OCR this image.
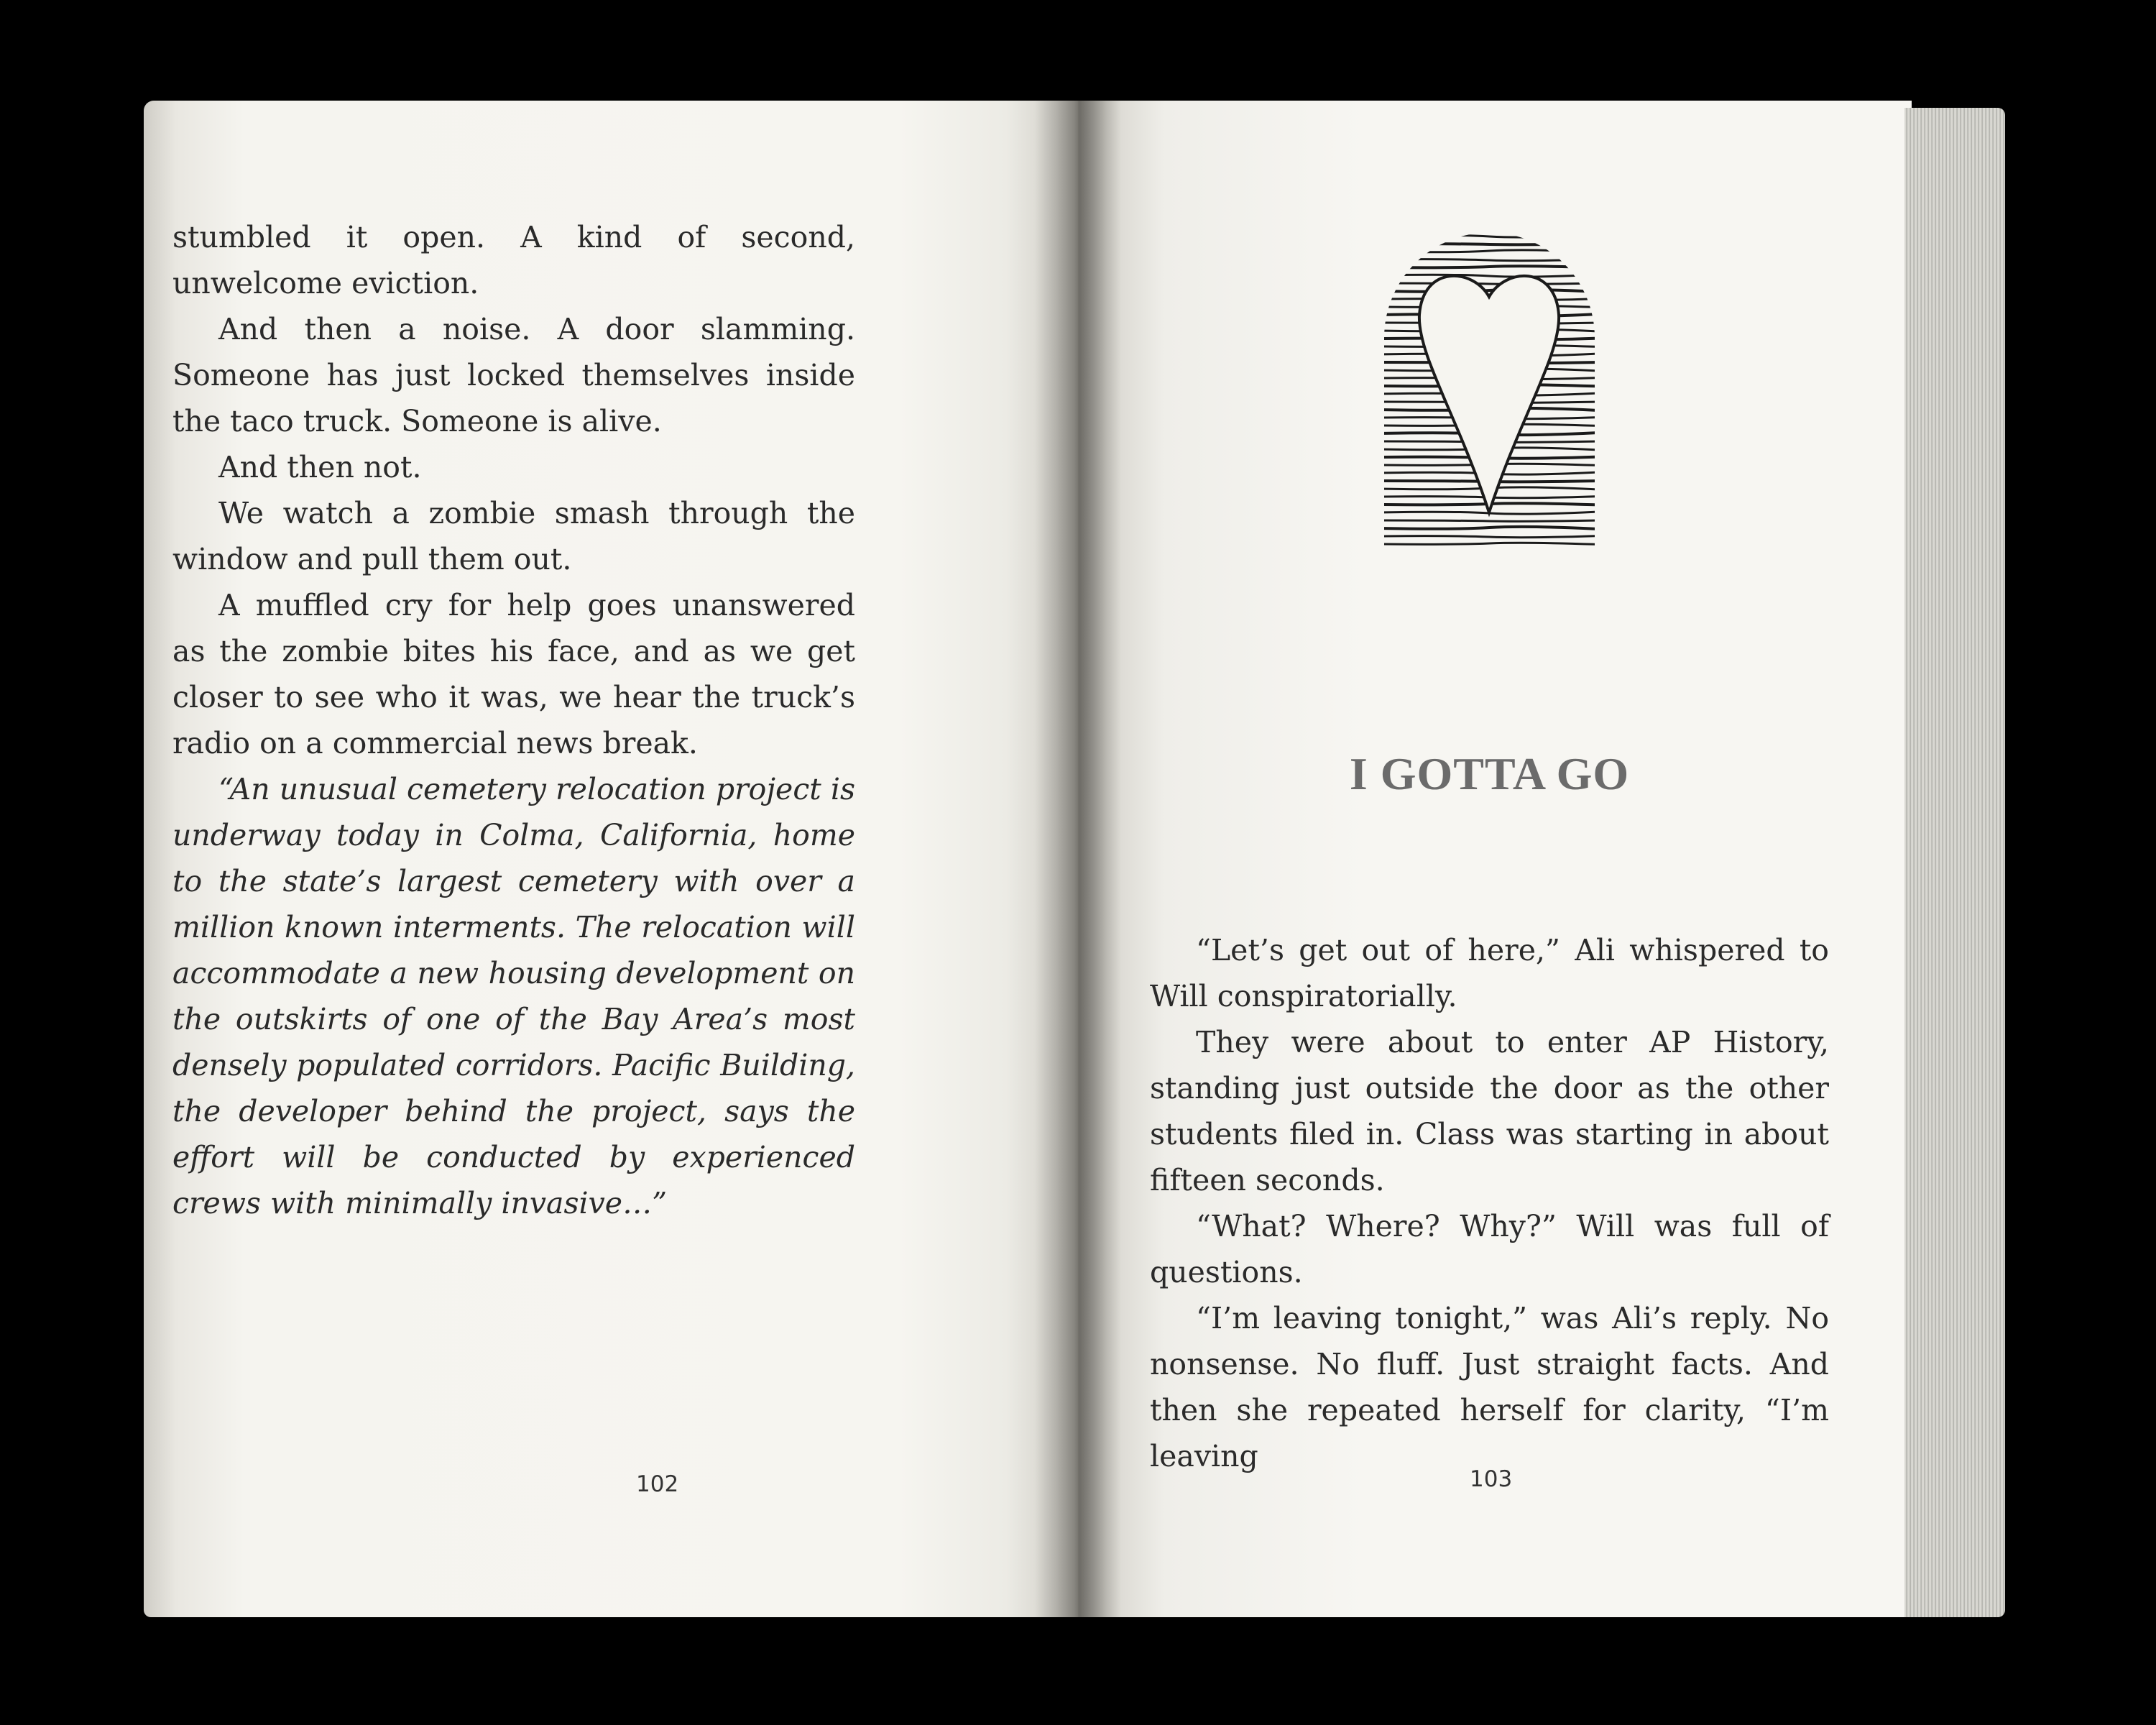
stumbled it open. A kind of second, unwelcome eviction.

And then a noise. A door slamming. Someone has just locked themselves inside the taco truck. Someone is alive.

And then not.

We watch a zombie smash through the window and pull them out.

A muffled cry for help goes unanswered as the zombie bites his face, and as we get closer to see who it was, we hear the truck’s radio on a commercial news break.

“An unusual cemetery relocation project is underway today in Colma, California, home to the state’s largest cemetery with over a million known interments. The relocation will accommodate a new housing development on the outskirts of one of the Bay Area’s most densely populated corridors. Pacific Building, the developer behind the project, says the effort will be conducted by experienced crews with minimally invasive…”

102
I GOTTA GO

“Let’s get out of here,” Ali whispered to Will conspiratorially.

They were about to enter AP History, standing just outside the door as the other students filed in. Class was starting in about fifteen seconds.

“What? Where? Why?” Will was full of questions.

“I’m leaving tonight,” was Ali’s reply. No nonsense. No fluff. Just straight facts. And then she repeated herself for clarity, “I’m leaving

103
